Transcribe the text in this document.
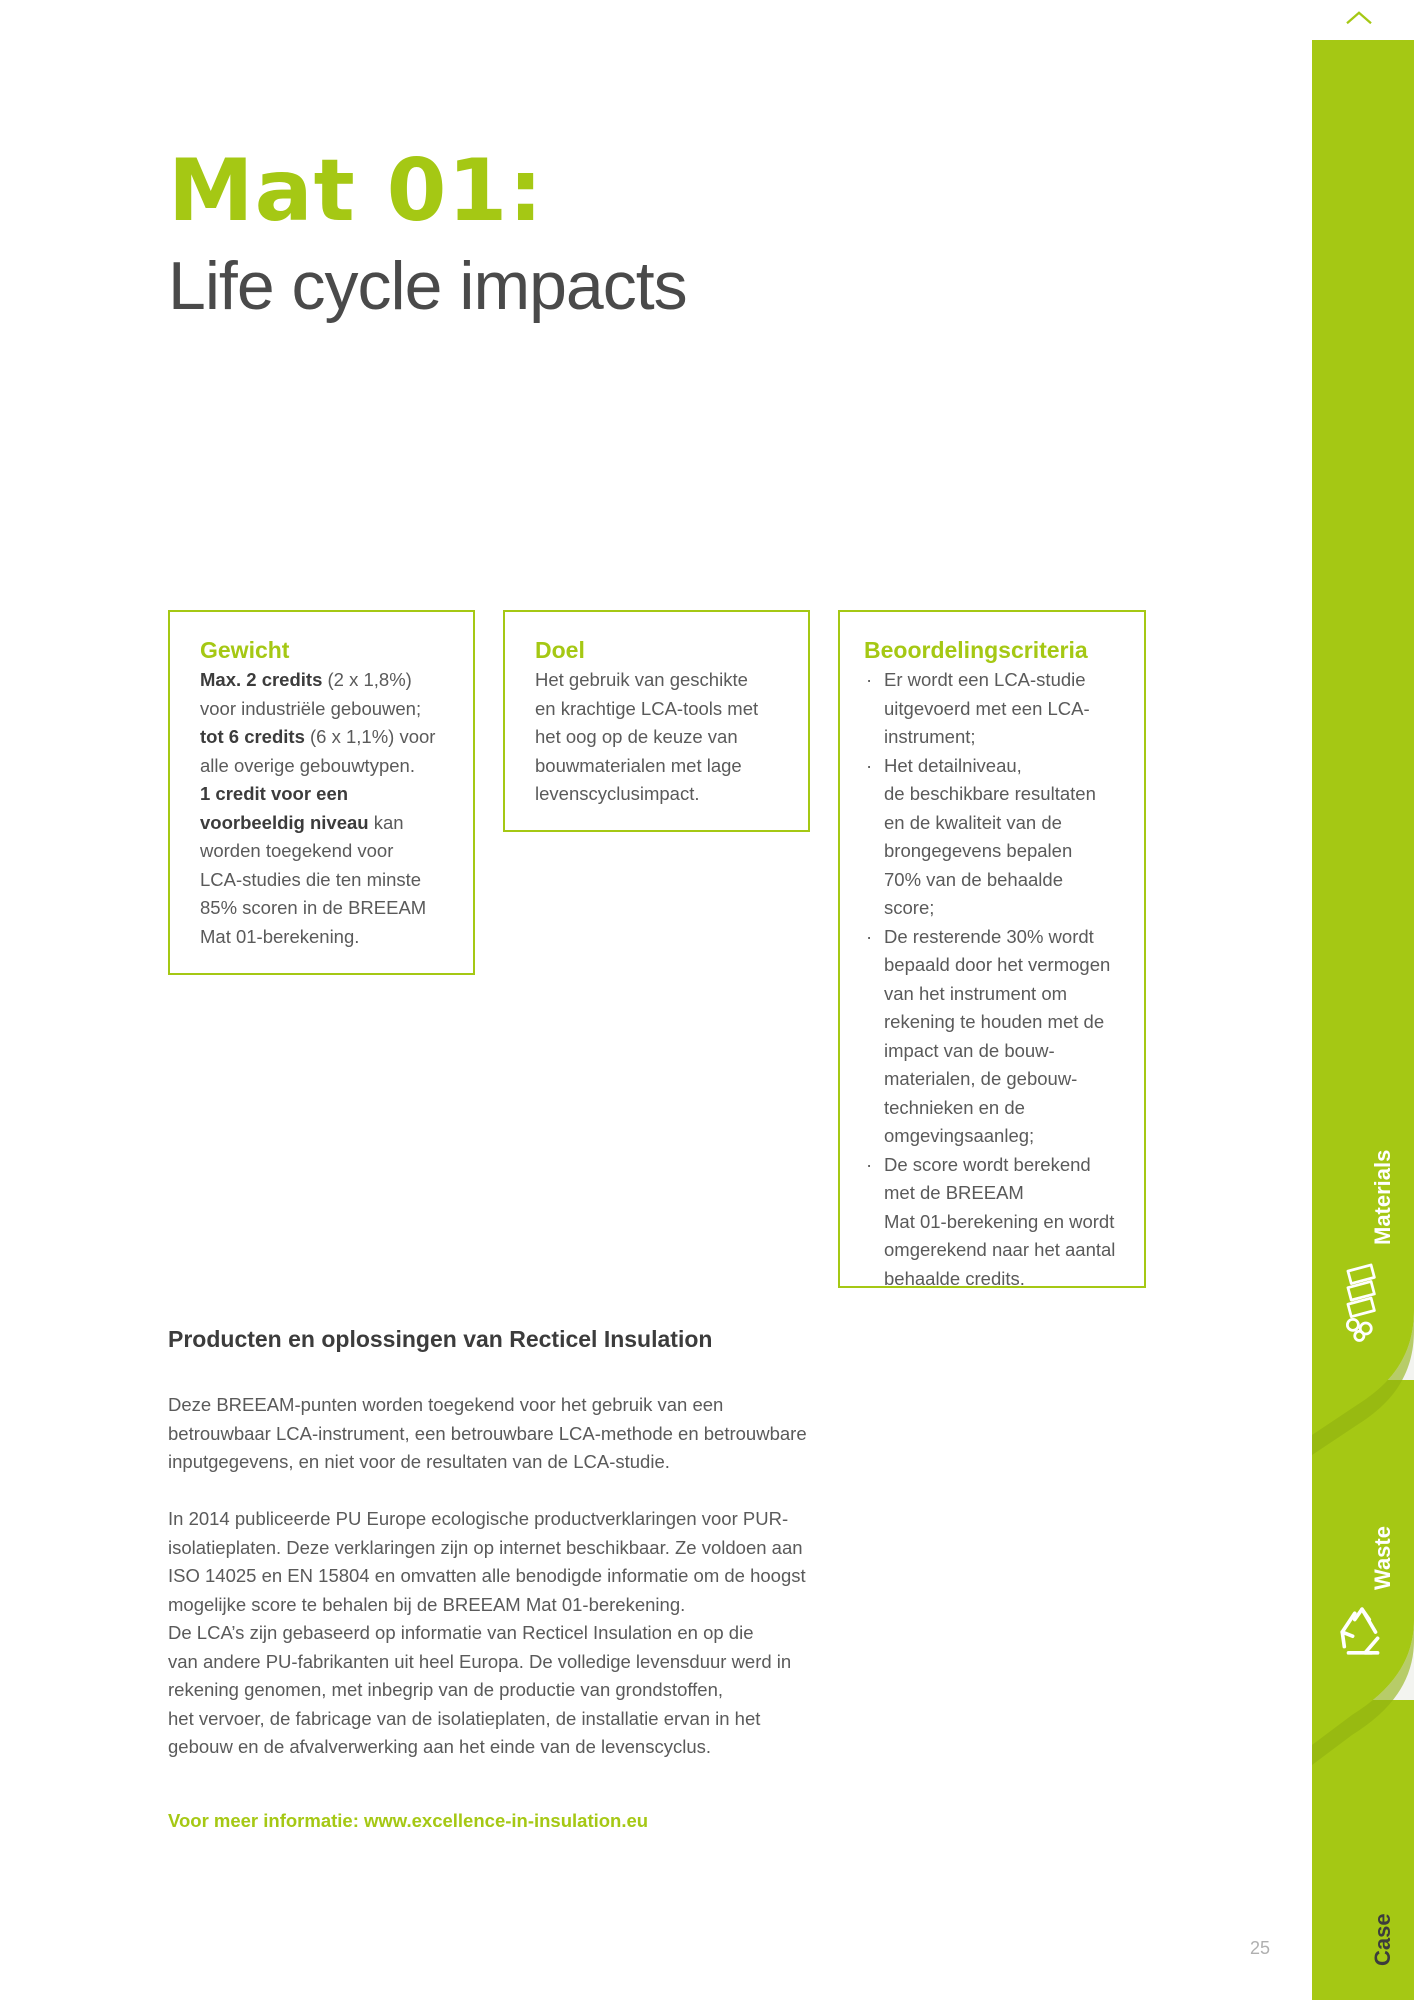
Mat 01:
Life cycle impacts
Gewicht

Max. 2 credits (2 x 1,8%)
voor industriële gebouwen;
tot 6 credits (6 x 1,1%) voor
alle overige gebouwtypen.
1 credit voor een
voorbeeldig niveau kan
worden toegekend voor
LCA-studies die ten minste
85% scoren in de BREEAM
Mat 01-berekening.

Doel

Het gebruik van geschikte
en krachtige LCA-tools met
het oog op de keuze van
bouwmaterialen met lage
levenscyclusimpact.

Beoordelingscriteria
· Er wordt een LCA-studie
uitgevoerd met een LCA-
instrument;
· Het detailniveau,
de beschikbare resultaten
en de kwaliteit van de
brongegevens bepalen
70% van de behaalde score;
· De resterende 30% wordt
bepaald door het vermogen
van het instrument om
rekening te houden met de
impact van de bouw-
materialen, de gebouw-
technieken en de
omgevingsaanleg;
· De score wordt berekend
met de BREEAM
Mat 01-berekening en wordt
omgerekend naar het aantal
behaalde credits.
Producten en oplossingen van Recticel Insulation

Deze BREEAM-punten worden toegekend voor het gebruik van een
betrouwbaar LCA-instrument, een betrouwbare LCA-methode en betrouwbare
inputgegevens, en niet voor de resultaten van de LCA-studie.

In 2014 publiceerde PU Europe ecologische productverklaringen voor PUR-
isolatieplaten. Deze verklaringen zijn op internet beschikbaar. Ze voldoen aan
ISO 14025 en EN 15804 en omvatten alle benodigde informatie om de hoogst
mogelijke score te behalen bij de BREEAM Mat 01-berekening.
De LCA’s zijn gebaseerd op informatie van Recticel Insulation en op die
van andere PU-fabrikanten uit heel Europa. De volledige levensduur werd in
rekening genomen, met inbegrip van de productie van grondstoffen,
het vervoer, de fabricage van de isolatieplaten, de installatie ervan in het
gebouw en de afvalverwerking aan het einde van de levenscyclus.

Voor meer informatie: www.excellence-in-insulation.eu

25
Materials
Waste
Case
